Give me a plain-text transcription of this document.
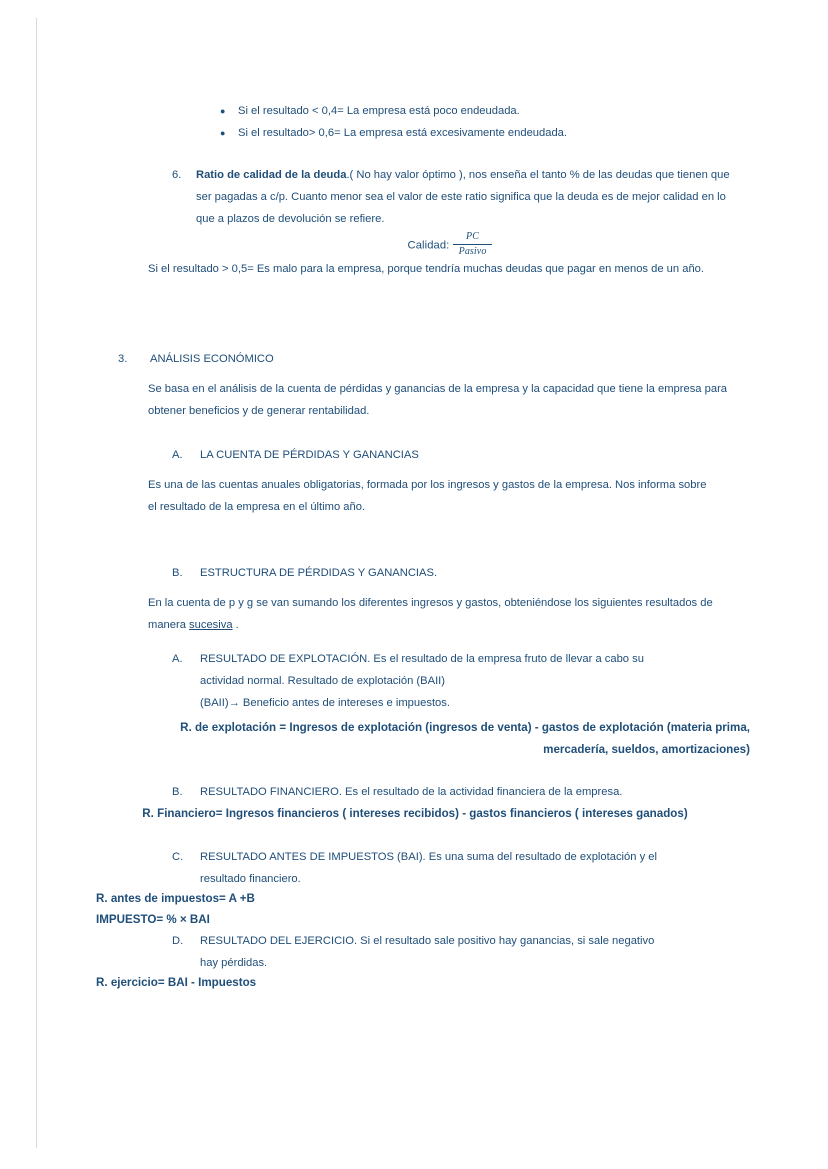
●	Si el resultado < 0,4= La empresa está poco endeudada.
●	Si el resultado> 0,6= La empresa está excesivamente endeudada.
6.	Ratio de calidad de la deuda.( No hay valor óptimo ), nos enseña el tanto % de las deudas que tienen que ser pagadas a c/p. Cuanto menor sea el valor de este ratio significa que la deuda es de mejor calidad en lo que a plazos de devolución se refiere.
Calidad: $\frac{PC}{\text{Pasivo}}$
Si el resultado > 0,5= Es malo para la empresa, porque tendría muchas deudas que pagar en menos de un año.
3.	ANÁLISIS ECONÓMICO
Se basa en el análisis de la cuenta de pérdidas y ganancias de la empresa y la capacidad que tiene la empresa para obtener beneficios y de generar rentabilidad.
A.	LA CUENTA DE PÉRDIDAS Y GANANCIAS
Es una de las cuentas anuales obligatorias, formada por los ingresos y gastos de la empresa. Nos informa sobre el resultado de la empresa en el último año.
B.	ESTRUCTURA DE PÉRDIDAS Y GANANCIAS.
En la cuenta de p y g se van sumando los diferentes ingresos y gastos, obteniéndose los siguientes resultados de manera sucesiva .
A.	RESULTADO DE EXPLOTACIÓN. Es el resultado de la empresa fruto de llevar a cabo su
actividad normal. Resultado de explotación (BAII)
(BAII)→ Beneficio antes de intereses e impuestos.
R. de explotación = Ingresos de explotación (ingresos de venta) - gastos de explotación (materia prima,
mercadería, sueldos, amortizaciones)
B.	RESULTADO FINANCIERO. Es el resultado de la actividad financiera de la empresa.
R. Financiero= Ingresos financieros ( intereses recibidos) - gastos financieros ( intereses ganados)
C.	RESULTADO ANTES DE IMPUESTOS (BAI). Es una suma del resultado de explotación y el
resultado financiero.
R. antes de impuestos= A +B
IMPUESTO= % × BAI
D.	RESULTADO DEL EJERCICIO. Si el resultado sale positivo hay ganancias, si sale negativo
hay pérdidas.
R. ejercicio= BAI - Impuestos
